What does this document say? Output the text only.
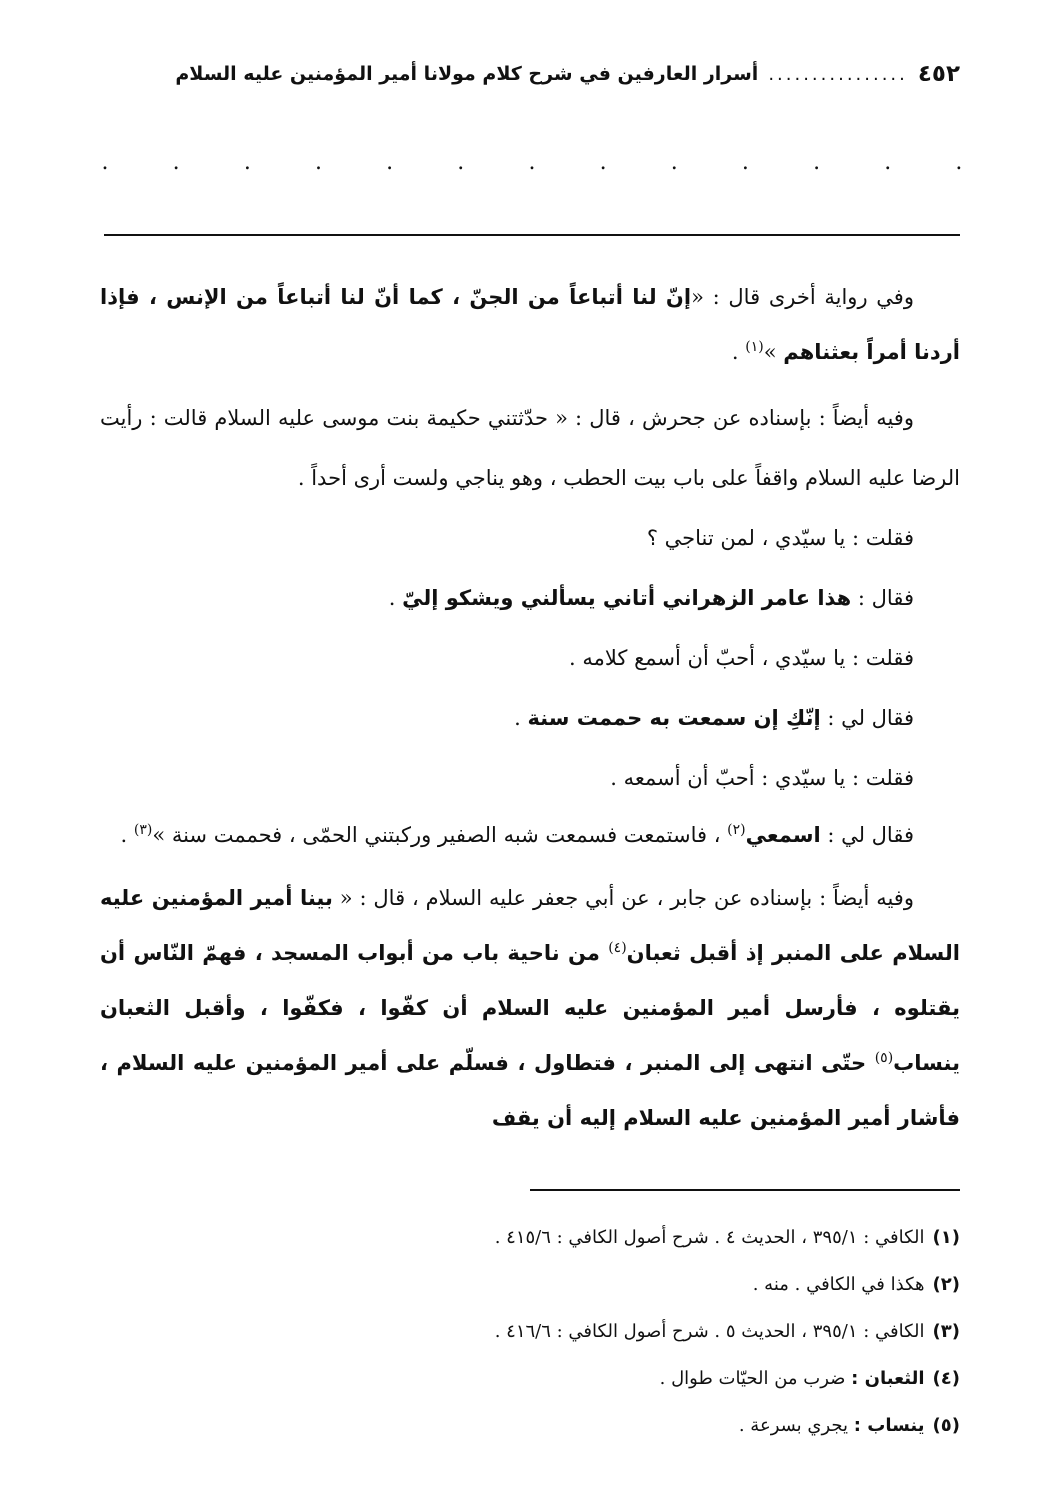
٤٥٢
................
أسرار العارفين في شرح كلام مولانا أمير المؤمنين عليه السلام
.	.	.	.	.	.	.	.	.	.	.	.	.

وفي رواية أخرى قال : «إنّ لنا أتباعاً من الجنّ ، كما أنّ لنا أتباعاً من الإنس ، فإذا أردنا أمراً بعثناهم »$^{(١)}$ .

وفيه أيضاً : بإسناده عن جحرش ، قال : « حدّثتني حكيمة بنت موسى عليه السلام قالت : رأيت الرضا عليه السلام واقفاً على باب بيت الحطب ، وهو يناجي ولست أرى أحداً .

فقلت : يا سيّدي ، لمن تناجي ؟

فقال : هذا عامر الزهراني أتاني يسألني ويشكو إليّ .

فقلت : يا سيّدي ، أحبّ أن أسمع كلامه .

فقال لي : إنّكِ إن سمعت به حممت سنة .

فقلت : يا سيّدي : أحبّ أن أسمعه .

فقال لي : اسمعي$^{(٢)}$ ، فاستمعت فسمعت شبه الصفير وركبتني الحمّى ، فحممت سنة »$^{(٣)}$ .

وفيه أيضاً : بإسناده عن جابر ، عن أبي جعفر عليه السلام ، قال : « بينا أمير المؤمنين عليه السلام على المنبر إذ أقبل ثعبان$^{(٤)}$ من ناحية باب من أبواب المسجد ، فهمّ النّاس أن يقتلوه ، فأرسل أمير المؤمنين عليه السلام أن كفّوا ، فكفّوا ، وأقبل الثعبان ينساب$^{(٥)}$ حتّى انتهى إلى المنبر ، فتطاول ، فسلّم على أمير المؤمنين عليه السلام ، فأشار أمير المؤمنين عليه السلام إليه أن يقف

(١)الكافي : ٣٩٥/١ ، الحديث ٤ . شرح أصول الكافي : ٤١٥/٦ .
(٢)هكذا في الكافي . منه .
(٣)الكافي : ٣٩٥/١ ، الحديث ٥ . شرح أصول الكافي : ٤١٦/٦ .
(٤)الثعبان : ضرب من الحيّات طوال .
(٥)ينساب : يجري بسرعة .
